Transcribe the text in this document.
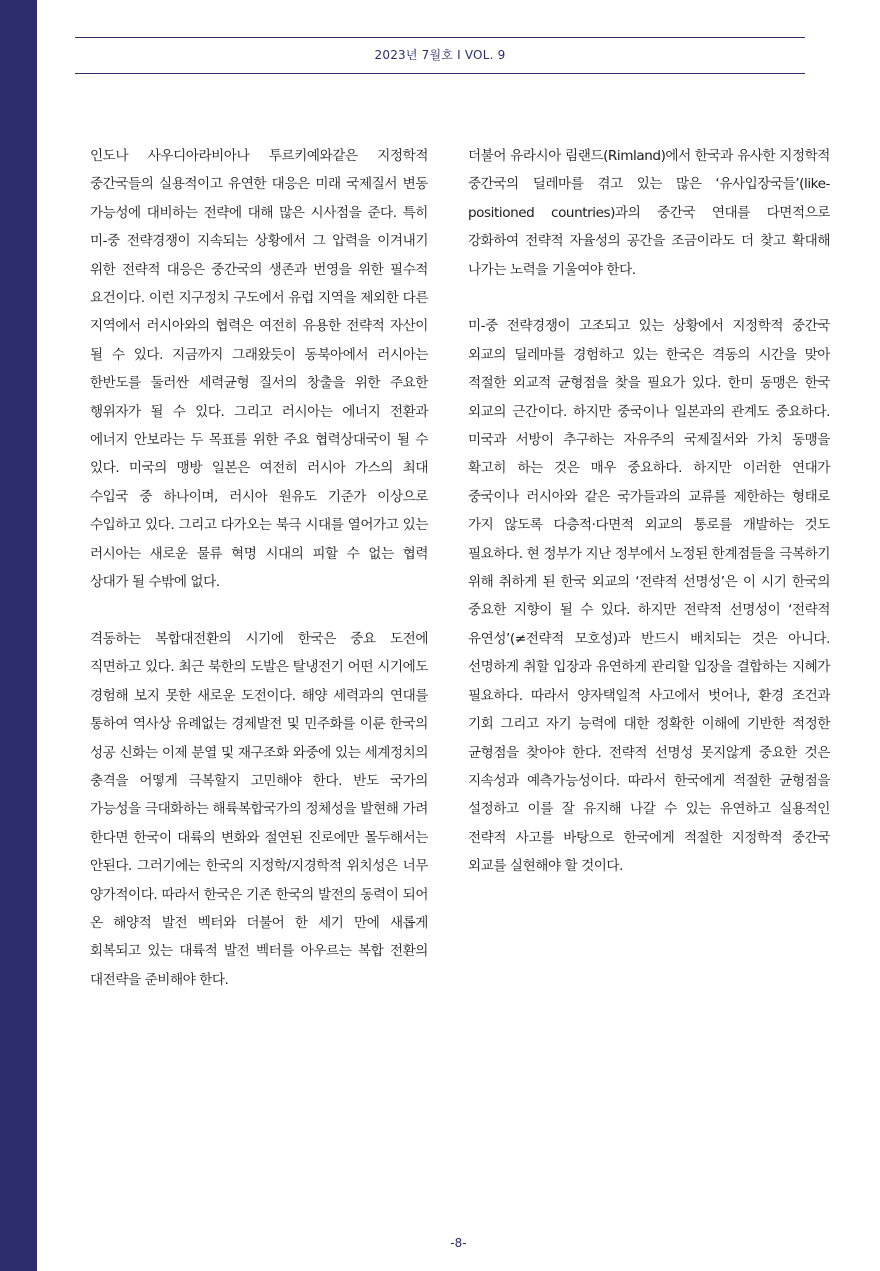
2023년 7월호 I VOL. 9

인도나 사우디아라비아나 투르키예와같은 지정학적 중간국들의 실용적이고 유연한 대응은 미래 국제질서 변동 가능성에 대비하는 전략에 대해 많은 시사점을 준다. 특히 미-중 전략경쟁이 지속되는 상황에서 그 압력을 이겨내기 위한 전략적 대응은 중간국의 생존과 번영을 위한 필수적 요건이다. 이런 지구정치 구도에서 유럽 지역을 제외한 다른 지역에서 러시아와의 협력은 여전히 유용한 전략적 자산이 될 수 있다. 지금까지 그래왔듯이 동북아에서 러시아는 한반도를 둘러싼 세력균형 질서의 창출을 위한 주요한 행위자가 될 수 있다. 그리고 러시아는 에너지 전환과 에너지 안보라는 두 목표를 위한 주요 협력상대국이 될 수 있다. 미국의 맹방 일본은 여전히 러시아 가스의 최대 수입국 중 하나이며, 러시아 원유도 기준가 이상으로 수입하고 있다. 그리고 다가오는 북극 시대를 열어가고 있는 러시아는 새로운 물류 혁명 시대의 피할 수 없는 협력 상대가 될 수밖에 없다.

격동하는 복합대전환의 시기에 한국은 중요 도전에 직면하고 있다. 최근 북한의 도발은 탈냉전기 어떤 시기에도 경험해 보지 못한 새로운 도전이다. 해양 세력과의 연대를 통하여 역사상 유례없는 경제발전 및 민주화를 이룬 한국의 성공 신화는 이제 분열 및 재구조화 와중에 있는 세계정치의 충격을 어떻게 극복할지 고민해야 한다. 반도 국가의 가능성을 극대화하는 해륙복합국가의 정체성을 발현해 가려 한다면 한국이 대륙의 변화와 절연된 진로에만 몰두해서는 안된다. 그러기에는 한국의 지정학/지경학적 위치성은 너무 양가적이다. 따라서 한국은 기존 한국의 발전의 동력이 되어 온 해양적 발전 벡터와 더불어 한 세기 만에 새롭게 회복되고 있는 대륙적 발전 벡터를 아우르는 복합 전환의 대전략을 준비해야 한다.

더불어 유라시아 림랜드(Rimland)에서 한국과 유사한 지정학적 중간국의 딜레마를 겪고 있는 많은 ‘유사입장국들’(like-positioned countries)과의 중간국 연대를 다면적으로 강화하여 전략적 자율성의 공간을 조금이라도 더 찾고 확대해 나가는 노력을 기울여야 한다.

미-중 전략경쟁이 고조되고 있는 상황에서 지정학적 중간국 외교의 딜레마를 경험하고 있는 한국은 격동의 시간을 맞아 적절한 외교적 균형점을 찾을 필요가 있다. 한미 동맹은 한국 외교의 근간이다. 하지만 중국이나 일본과의 관계도 중요하다. 미국과 서방이 추구하는 자유주의 국제질서와 가치 동맹을 확고히 하는 것은 매우 중요하다. 하지만 이러한 연대가 중국이나 러시아와 같은 국가들과의 교류를 제한하는 형태로 가지 않도록 다층적·다면적 외교의 통로를 개발하는 것도 필요하다. 현 정부가 지난 정부에서 노정된 한계점들을 극복하기 위해 취하게 된 한국 외교의 ‘전략적 선명성’은 이 시기 한국의 중요한 지향이 될 수 있다. 하지만 전략적 선명성이 ‘전략적 유연성’(≠전략적 모호성)과 반드시 배치되는 것은 아니다. 선명하게 취할 입장과 유연하게 관리할 입장을 결합하는 지혜가 필요하다. 따라서 양자택일적 사고에서 벗어나, 환경 조건과 기회 그리고 자기 능력에 대한 정확한 이해에 기반한 적정한 균형점을 찾아야 한다. 전략적 선명성 못지않게 중요한 것은 지속성과 예측가능성이다. 따라서 한국에게 적절한 균형점을 설정하고 이를 잘 유지해 나갈 수 있는 유연하고 실용적인 전략적 사고를 바탕으로 한국에게 적절한 지정학적 중간국 외교를 실현해야 할 것이다.

-8-
